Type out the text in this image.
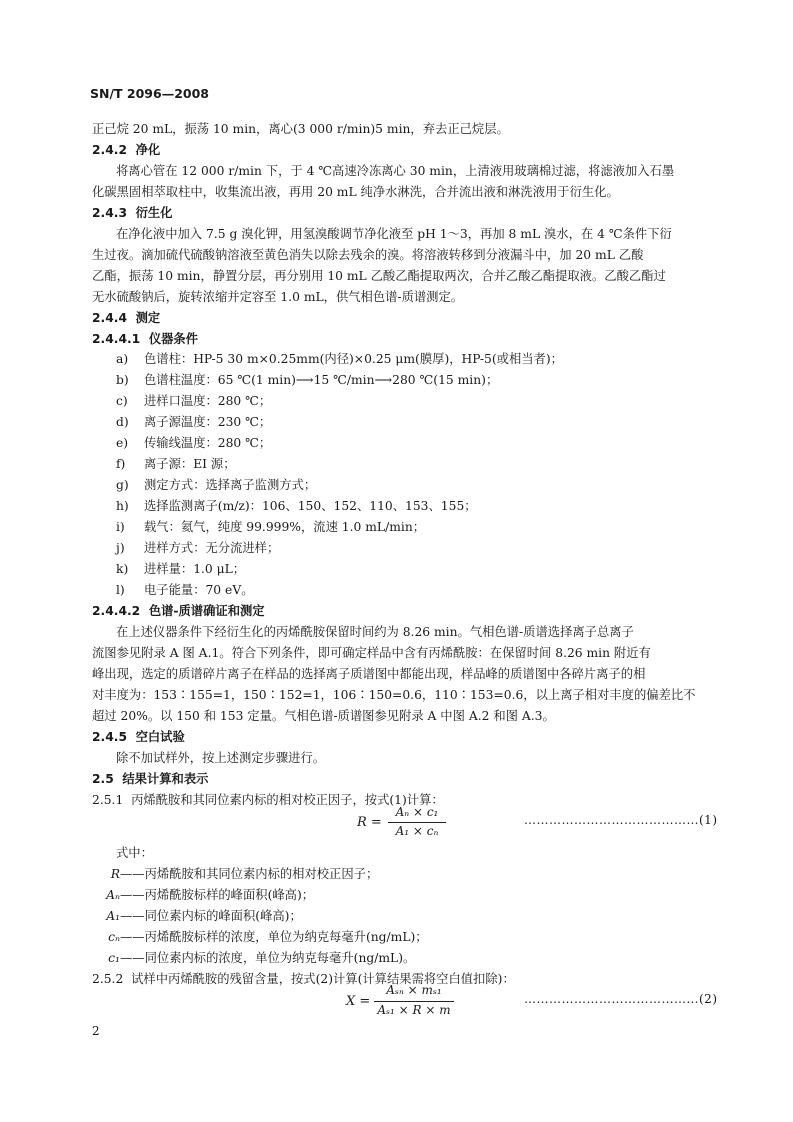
SN/T 2096—2008
正己烷 20 mL，振荡 10 min，离心(3 000 r/min)5 min，弃去正己烷层。
2.4.2 净化
将离心管在 12 000 r/min 下，于 4 ℃高速冷冻离心 30 min，上清液用玻璃棉过滤，将滤液加入石墨
化碳黑固相萃取柱中，收集流出液，再用 20 mL 纯净水淋洗，合并流出液和淋洗液用于衍生化。
2.4.3 衍生化
在净化液中加入 7.5 g 溴化钾，用氢溴酸调节净化液至 pH 1～3，再加 8 mL 溴水，在 4 ℃条件下衍
生过夜。滴加硫代硫酸钠溶液至黄色消失以除去残余的溴。将溶液转移到分液漏斗中，加 20 mL 乙酸
乙酯，振荡 10 min，静置分层，再分别用 10 mL 乙酸乙酯提取两次，合并乙酸乙酯提取液。乙酸乙酯过
无水硫酸钠后，旋转浓缩并定容至 1.0 mL，供气相色谱-质谱测定。
2.4.4 测定
2.4.4.1 仪器条件
a) 色谱柱：HP-5 30 m×0.25mm(内径)×0.25 μm(膜厚)，HP-5(或相当者)；
b) 色谱柱温度：65 ℃(1 min)⟶15 ℃/min⟶280 ℃(15 min)；
c) 进样口温度：280 ℃；
d) 离子源温度：230 ℃；
e) 传输线温度：280 ℃；
f) 离子源：EI 源；
g) 测定方式：选择离子监测方式；
h) 选择监测离子(m/z)：106、150、152、110、153、155；
i) 载气：氦气，纯度 99.999%，流速 1.0 mL/min；
j) 进样方式：无分流进样；
k) 进样量：1.0 μL；
l) 电子能量：70 eV。
2.4.4.2 色谱-质谱确证和测定
在上述仪器条件下经衍生化的丙烯酰胺保留时间约为 8.26 min。气相色谱-质谱选择离子总离子
流图参见附录 A 图 A.1。符合下列条件，即可确定样品中含有丙烯酰胺：在保留时间 8.26 min 附近有
峰出现，选定的质谱碎片离子在样品的选择离子质谱图中都能出现，样品峰的质谱图中各碎片离子的相
对丰度为：153∶155=1，150∶152=1，106∶150=0.6，110∶153=0.6，以上离子相对丰度的偏差比不
超过 20%。以 150 和 153 定量。气相色谱-质谱图参见附录 A 中图 A.2 和图 A.3。
2.4.5 空白试验
除不加试样外，按上述测定步骤进行。
2.5 结果计算和表示
2.5.1 丙烯酰胺和其同位素内标的相对校正因子，按式(1)计算：
R =
Aₙ × c₁
A₁ × cₙ
……………………………………(1)
式中：
R——丙烯酰胺和其同位素内标的相对校正因子；
Aₙ——丙烯酰胺标样的峰面积(峰高)；
A₁——同位素内标的峰面积(峰高)；
cₙ——丙烯酰胺标样的浓度，单位为纳克每毫升(ng/mL)；
c₁——同位素内标的浓度，单位为纳克每毫升(ng/mL)。
2.5.2 试样中丙烯酰胺的残留含量，按式(2)计算(计算结果需将空白值扣除)：
X =
Aₛₙ × mₛ₁
Aₛ₁ × R × m
……………………………………(2)
2
